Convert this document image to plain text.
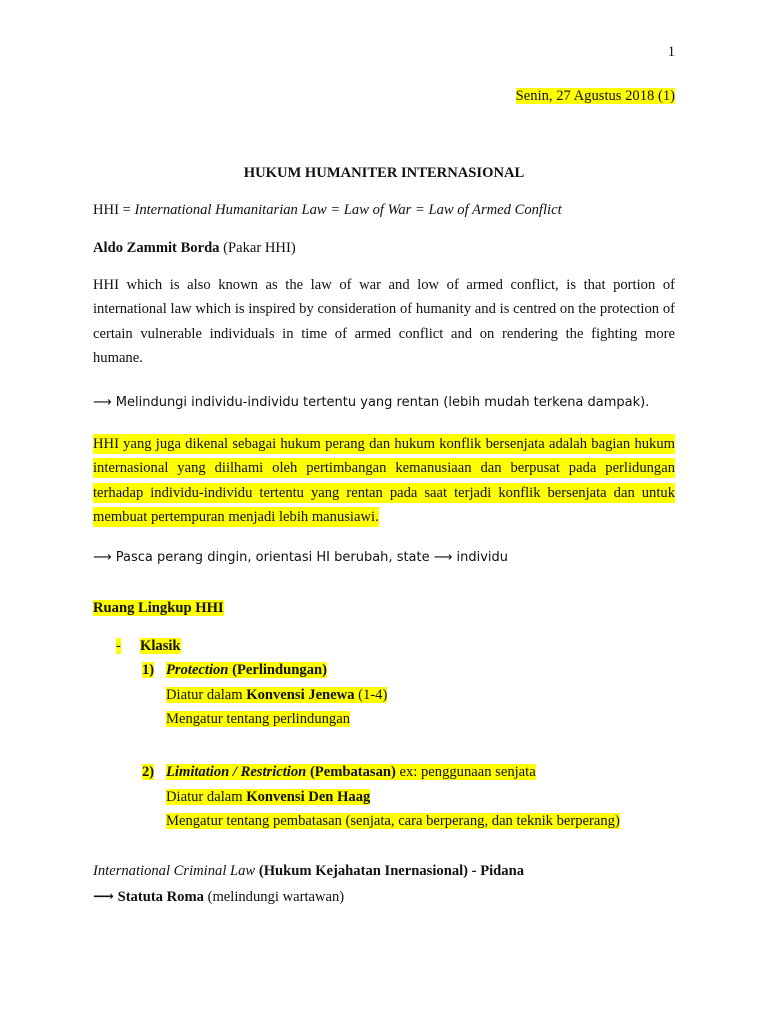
1
Senin, 27 Agustus 2018 (1)
HUKUM HUMANITER INTERNASIONAL
HHI = International Humanitarian Law = Law of War = Law of Armed Conflict
Aldo Zammit Borda (Pakar HHI)
HHI which is also known as the law of war and low of armed conflict, is that portion of international law which is inspired by consideration of humanity and is centred on the protection of certain vulnerable individuals in time of armed conflict and on rendering the fighting more humane.
⟶ Melindungi individu-individu tertentu yang rentan (lebih mudah terkena dampak).
HHI yang juga dikenal sebagai hukum perang dan hukum konflik bersenjata adalah bagian hukum internasional yang diilhami oleh pertimbangan kemanusiaan dan berpusat pada perlidungan terhadap individu-individu tertentu yang rentan pada saat terjadi konflik bersenjata dan untuk membuat pertempuran menjadi lebih manusiawi.
⟶ Pasca perang dingin, orientasi HI berubah, state ⟶ individu
Ruang Lingkup HHI
- Klasik
1) Protection (Perlindungan)
Diatur dalam Konvensi Jenewa (1-4)
Mengatur tentang perlindungan
2) Limitation / Restriction (Pembatasan) ex: penggunaan senjata
Diatur dalam Konvensi Den Haag
Mengatur tentang pembatasan (senjata, cara berperang, dan teknik berperang)
International Criminal Law (Hukum Kejahatan Inernasional) - Pidana
⟶ Statuta Roma (melindungi wartawan)
